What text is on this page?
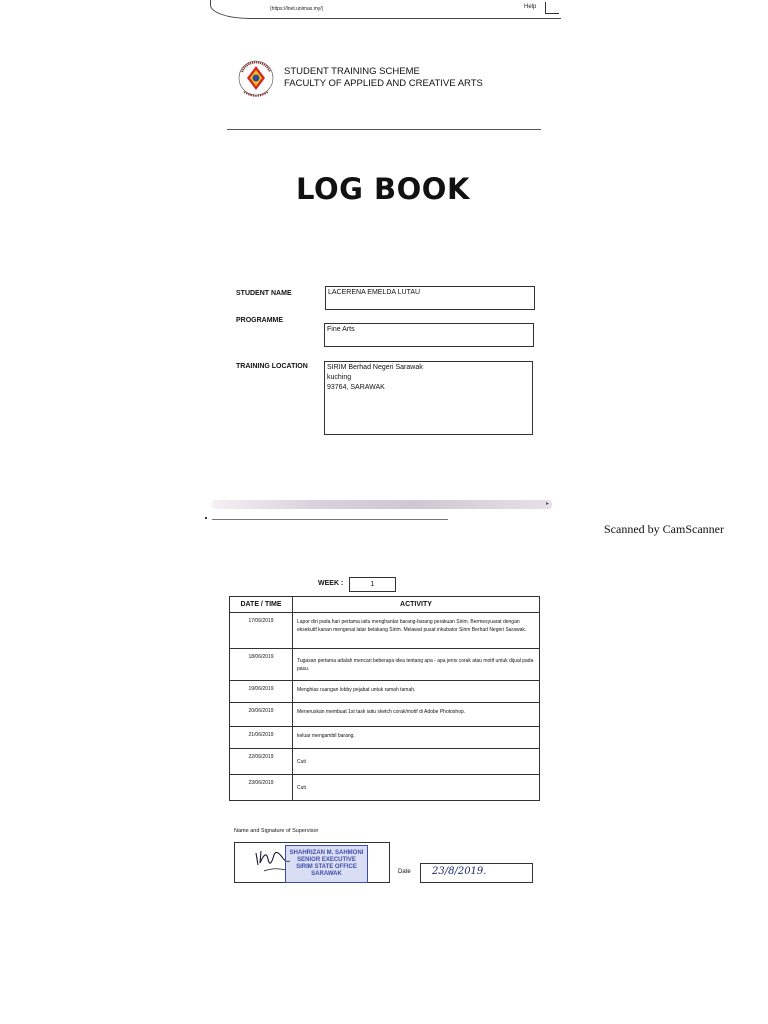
(https://lnet.unimas.my/)	Help
STUDENT TRAINING SCHEME
FACULTY OF APPLIED AND CREATIVE ARTS
LOG BOOK
STUDENT NAME	LACERENA EMELDA LUTAU
PROGRAMME
Fine Arts
TRAINING LOCATION	SIRIM Berhad Negeri Sarawak
kuching
93764, SARAWAK
▸
Scanned by CamScanner
WEEK :	1
DATE / TIME	ACTIVITY
17/06/2019	Lapor diri pada hari pertama iaitu menghantar barang-barang perakuan Sirim. Bermesyuarat dengan eksekutif kanan mengenai latar belakang Sirim. Melawat pusat inkubator Sirim Berhad Negeri Sarawak.
18/06/2019	Tugasan pertama adalah mencari beberapa idea tentang apa - apa jenis corak atau motif untuk dijual pada pasu.
19/06/2019	Menghias ruangan lobby pejabat untuk ramah tamah.
20/06/2019	Meneruskan membuat 1st task iaitu sketch corak/motif di Adobe Photoshop.
21/06/2019	keluar mengambil barang.
22/06/2019	Cuti
23/06/2019	Cuti
Name and Signature of Supervisor
SHAHRIZAN M. SAHMONI
SENIOR EXECUTIVE
SIRIM STATE OFFICE
SARAWAK	Date 23/8/2019.
